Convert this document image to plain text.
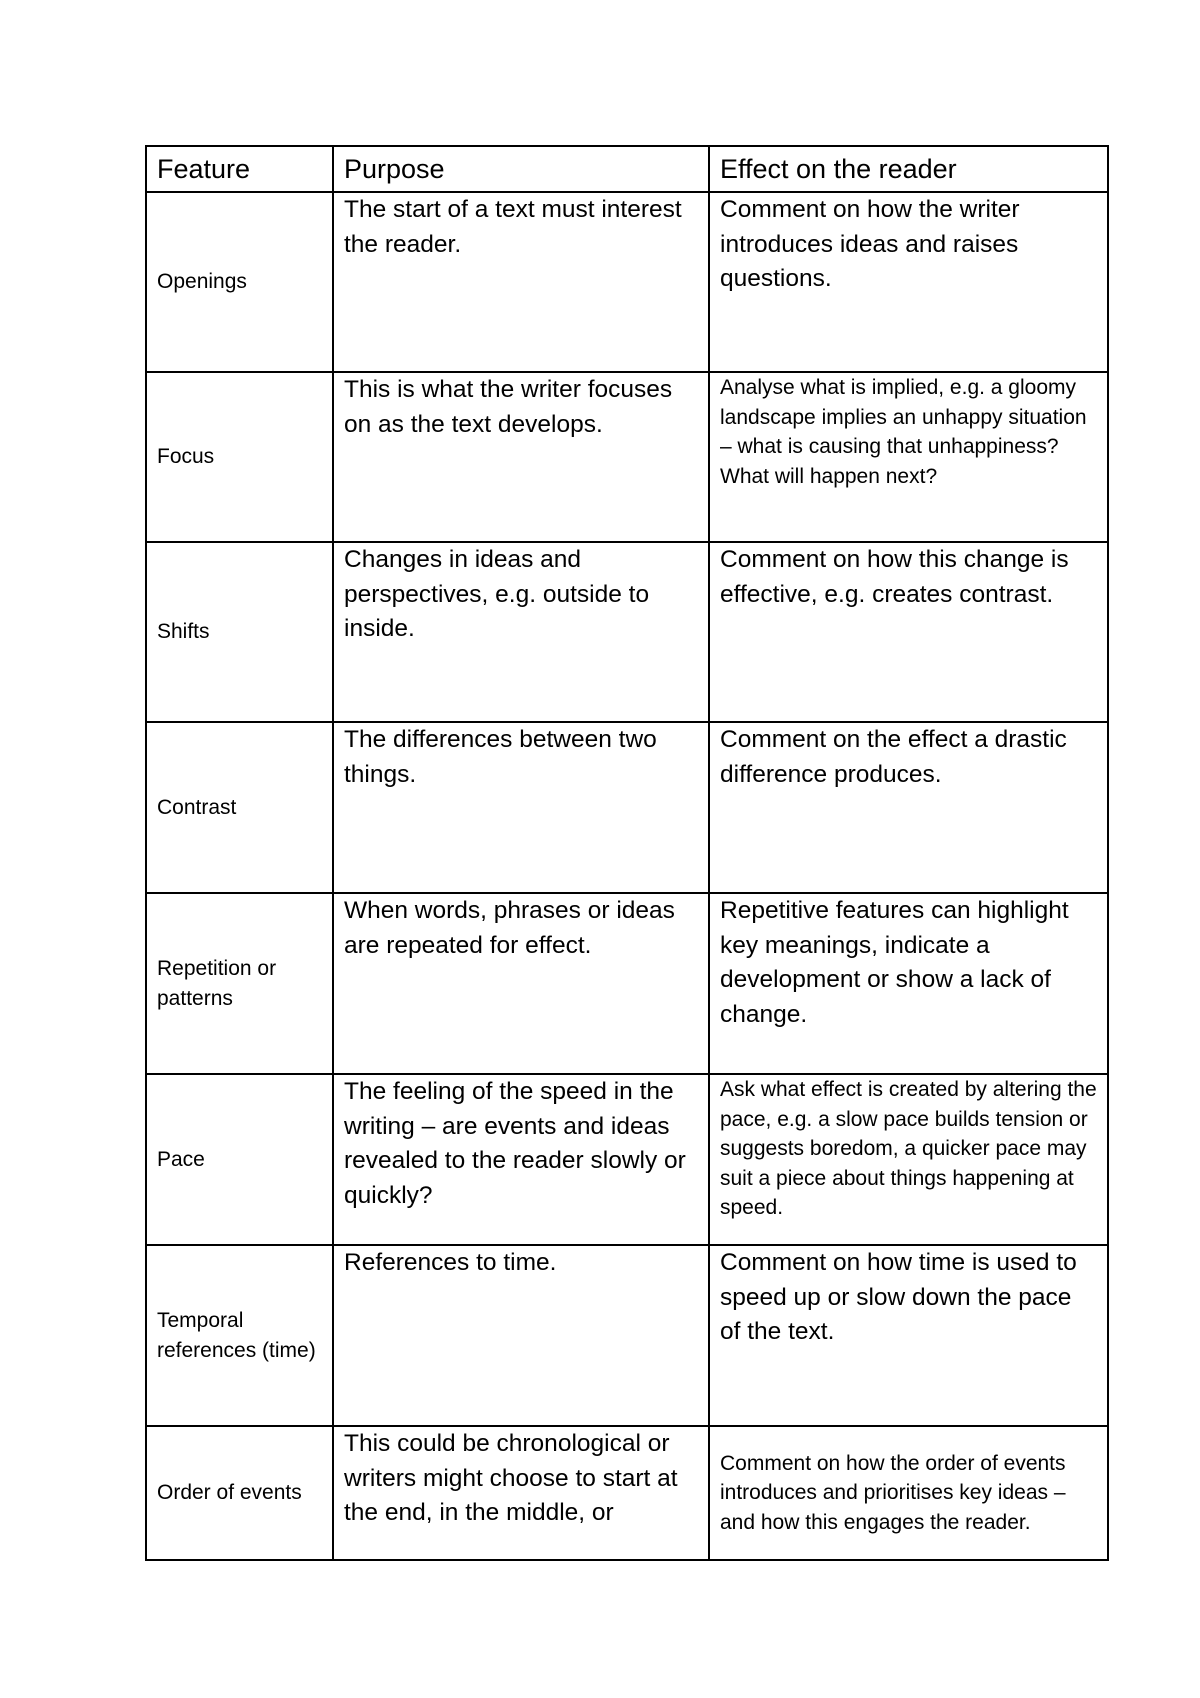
Feature	Purpose	Effect on the reader

Openings	The start of a text must interest the reader.	Comment on how the writer introduces ideas and raises questions.

Focus	This is what the writer focuses on as the text develops.	Analyse what is implied, e.g. a gloomy landscape implies an unhappy situation – what is causing that unhappiness? What will happen next?

Shifts	Changes in ideas and perspectives, e.g. outside to inside.	Comment on how this change is effective, e.g. creates contrast.

Contrast	The differences between two things.	Comment on the effect a drastic difference produces.

Repetition or patterns	When words, phrases or ideas are repeated for effect.	Repetitive features can highlight key meanings, indicate a development or show a lack of change.

Pace	The feeling of the speed in the writing – are events and ideas revealed to the reader slowly or quickly?	Ask what effect is created by altering the pace, e.g. a slow pace builds tension or suggests boredom, a quicker pace may suit a piece about things happening at speed.

Temporal references (time)	References to time.	Comment on how time is used to speed up or slow down the pace of the text.

Order of events	This could be chronological or writers might choose to start at the end, in the middle, or	Comment on how the order of events introduces and prioritises key ideas – and how this engages the reader.
